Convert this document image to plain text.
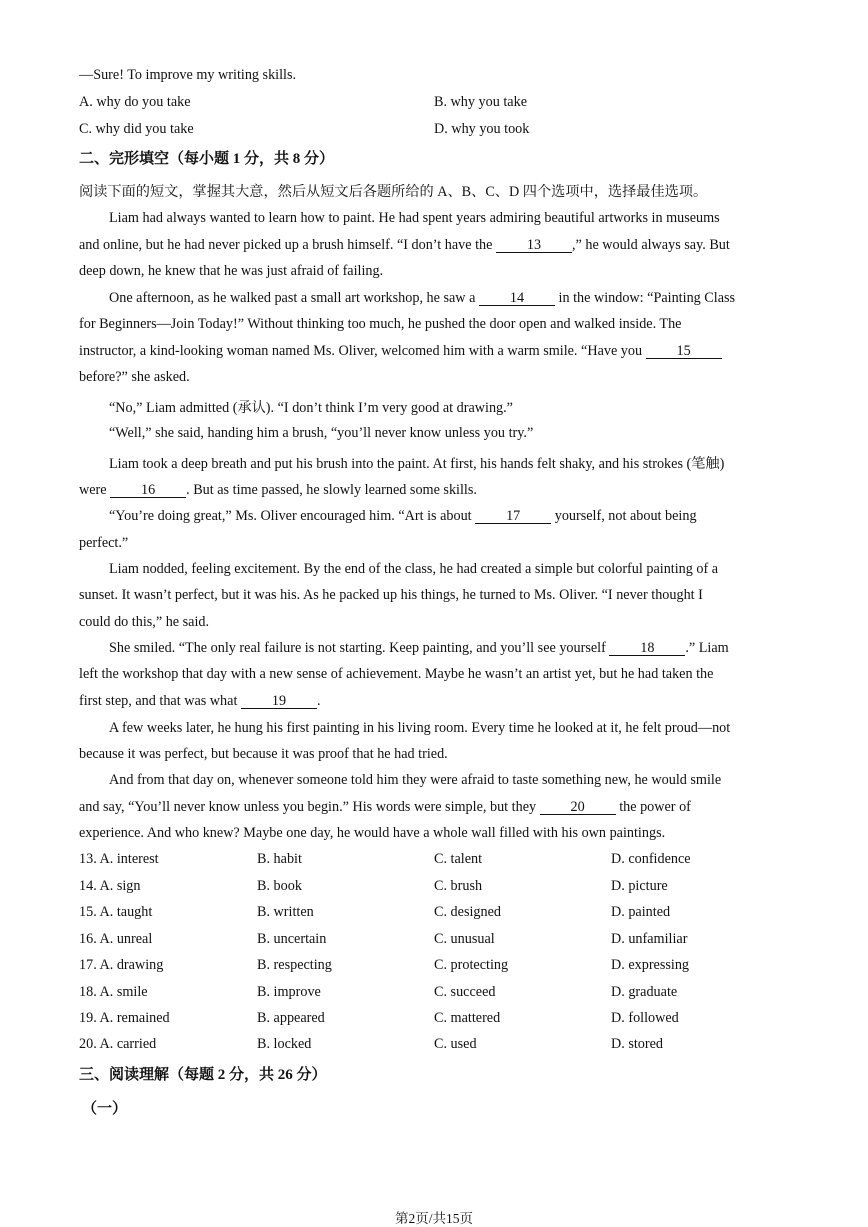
—Sure! To improve my writing skills.
A. why do you take	B. why you take
C. why did you take	D. why you took
二、完形填空（每小题 1 分，共 8 分）
阅读下面的短文，掌握其大意，然后从短文后各题所给的 A、B、C、D 四个选项中，选择最佳选项。
Liam had always wanted to learn how to paint. He had spent years admiring beautiful artworks in museums
and online, but he had never picked up a brush himself. “I don’t have the 13 ,” he would always say. But
deep down, he knew that he was just afraid of failing.
One afternoon, as he walked past a small art workshop, he saw a 14 in the window: “Painting Class
for Beginners—Join Today!” Without thinking too much, he pushed the door open and walked inside. The
instructor, a kind-looking woman named Ms. Oliver, welcomed him with a warm smile. “Have you 15
before?” she asked.
“No,” Liam admitted (承认). “I don’t think I’m very good at drawing.”
“Well,” she said, handing him a brush, “you’ll never know unless you try.”
Liam took a deep breath and put his brush into the paint. At first, his hands felt shaky, and his strokes (笔触)
were 16 . But as time passed, he slowly learned some skills.
“You’re doing great,” Ms. Oliver encouraged him. “Art is about 17 yourself, not about being
perfect.”
Liam nodded, feeling excitement. By the end of the class, he had created a simple but colorful painting of a
sunset. It wasn’t perfect, but it was his. As he packed up his things, he turned to Ms. Oliver. “I never thought I
could do this,” he said.
She smiled. “The only real failure is not starting. Keep painting, and you’ll see yourself 18 .” Liam
left the workshop that day with a new sense of achievement. Maybe he wasn’t an artist yet, but he had taken the
first step, and that was what 19 .
A few weeks later, he hung his first painting in his living room. Every time he looked at it, he felt proud—not
because it was perfect, but because it was proof that he had tried.
And from that day on, whenever someone told him they were afraid to taste something new, he would smile
and say, “You’ll never know unless you begin.” His words were simple, but they 20 the power of
experience. And who knew? Maybe one day, he would have a whole wall filled with his own paintings.
13. A. interest	B. habit	C. talent	D. confidence
14. A. sign	B. book	C. brush	D. picture
15. A. taught	B. written	C. designed	D. painted
16. A. unreal	B. uncertain	C. unusual	D. unfamiliar
17. A. drawing	B. respecting	C. protecting	D. expressing
18. A. smile	B. improve	C. succeed	D. graduate
19. A. remained	B. appeared	C. mattered	D. followed
20. A. carried	B. locked	C. used	D. stored
三、阅读理解（每题 2 分，共 26 分）
（一）
第2页/共15页
